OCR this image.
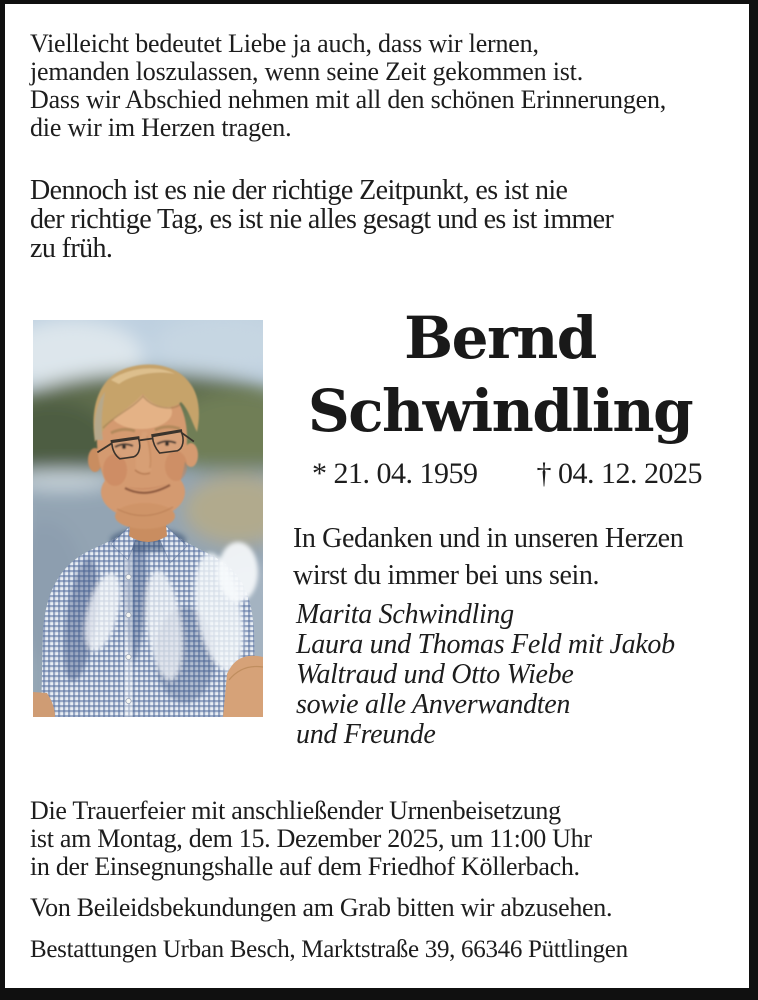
Vielleicht bedeutet Liebe ja auch, dass wir lernen,
jemanden loszulassen, wenn seine Zeit gekommen ist.
Dass wir Abschied nehmen mit all den schönen Erinnerungen,
die wir im Herzen tragen.
Dennoch ist es nie der richtige Zeitpunkt, es ist nie
der richtige Tag, es ist nie alles gesagt und es ist immer
zu früh.
Bernd
Schwindling
* 21. 04. 1959 † 04. 12. 2025
In Gedanken und in unseren Herzen
wirst du immer bei uns sein.
Marita Schwindling
Laura und Thomas Feld mit Jakob
Waltraud und Otto Wiebe
sowie alle Anverwandten
und Freunde
Die Trauerfeier mit anschließender Urnenbeisetzung
ist am Montag, dem 15. Dezember 2025, um 11:00 Uhr
in der Einsegnungshalle auf dem Friedhof Köllerbach.
Von Beileidsbekundungen am Grab bitten wir abzusehen.
Bestattungen Urban Besch, Marktstraße 39, 66346 Püttlingen
